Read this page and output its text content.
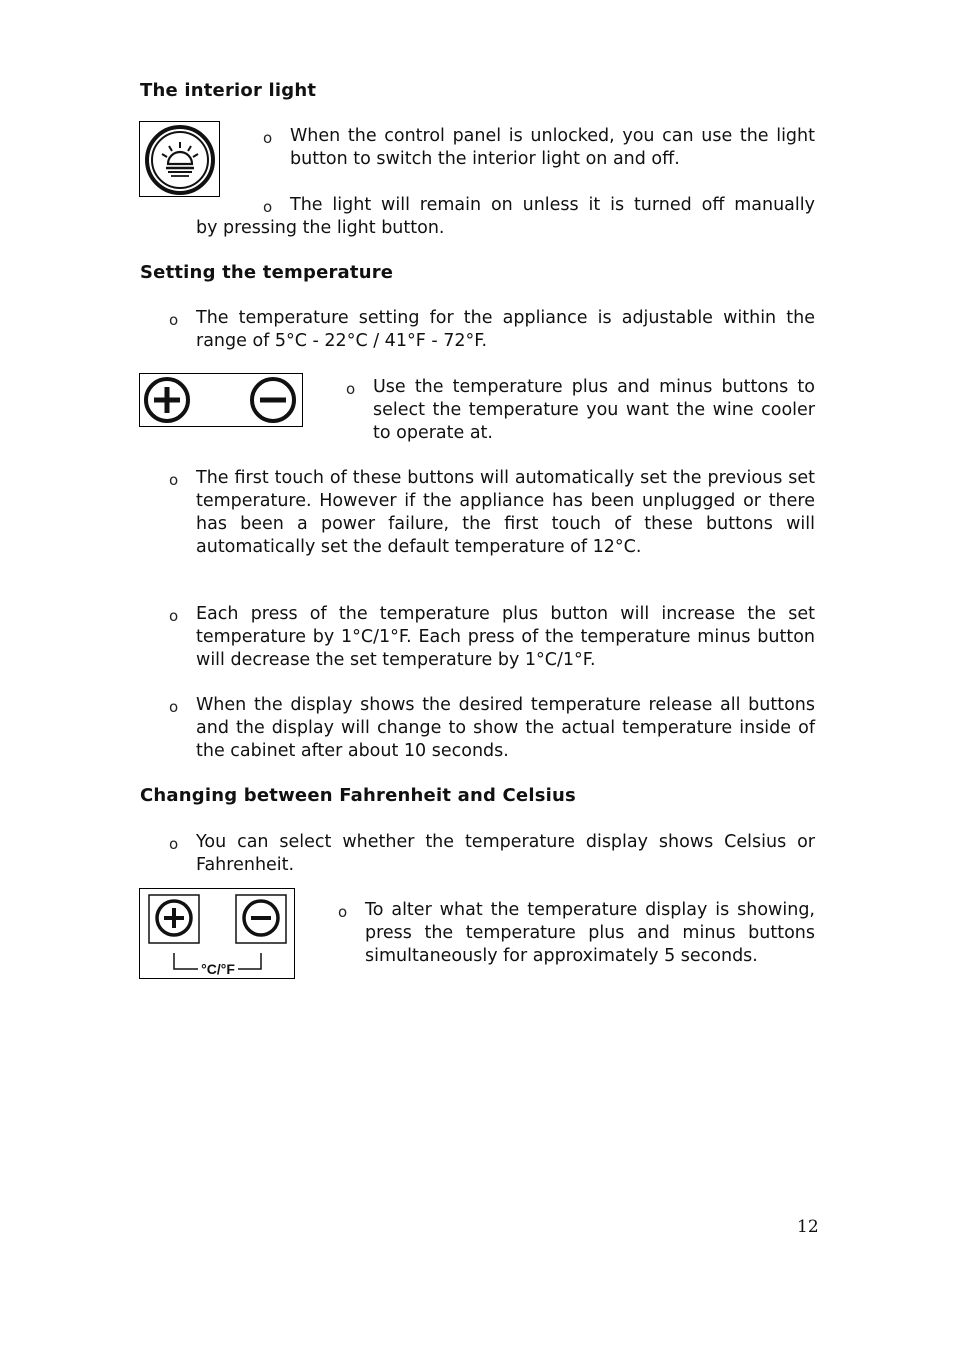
The interior light
o When the control panel is unlocked, you can use the light button to switch the interior light on and off.
o The light will remain on unless it is turned off manually
by pressing the light button.
Setting the temperature
o The temperature setting for the appliance is adjustable within the range of 5°C - 22°C / 41°F - 72°F.
o Use the temperature plus and minus buttons to select the temperature you want the wine cooler to operate at.
o The first touch of these buttons will automatically set the previous set temperature. However if the appliance has been unplugged or there has been a power failure, the first touch of these buttons will automatically set the default temperature of 12°C.
o Each press of the temperature plus button will increase the set temperature by 1°C/1°F. Each press of the temperature minus button will decrease the set temperature by 1°C/1°F.
o When the display shows the desired temperature release all buttons and the display will change to show the actual temperature inside of the cabinet after about 10 seconds.
Changing between Fahrenheit and Celsius
o You can select whether the temperature display shows Celsius or Fahrenheit.
°C/°F
o To alter what the temperature display is showing, press the temperature plus and minus buttons simultaneously for approximately 5 seconds.
12
